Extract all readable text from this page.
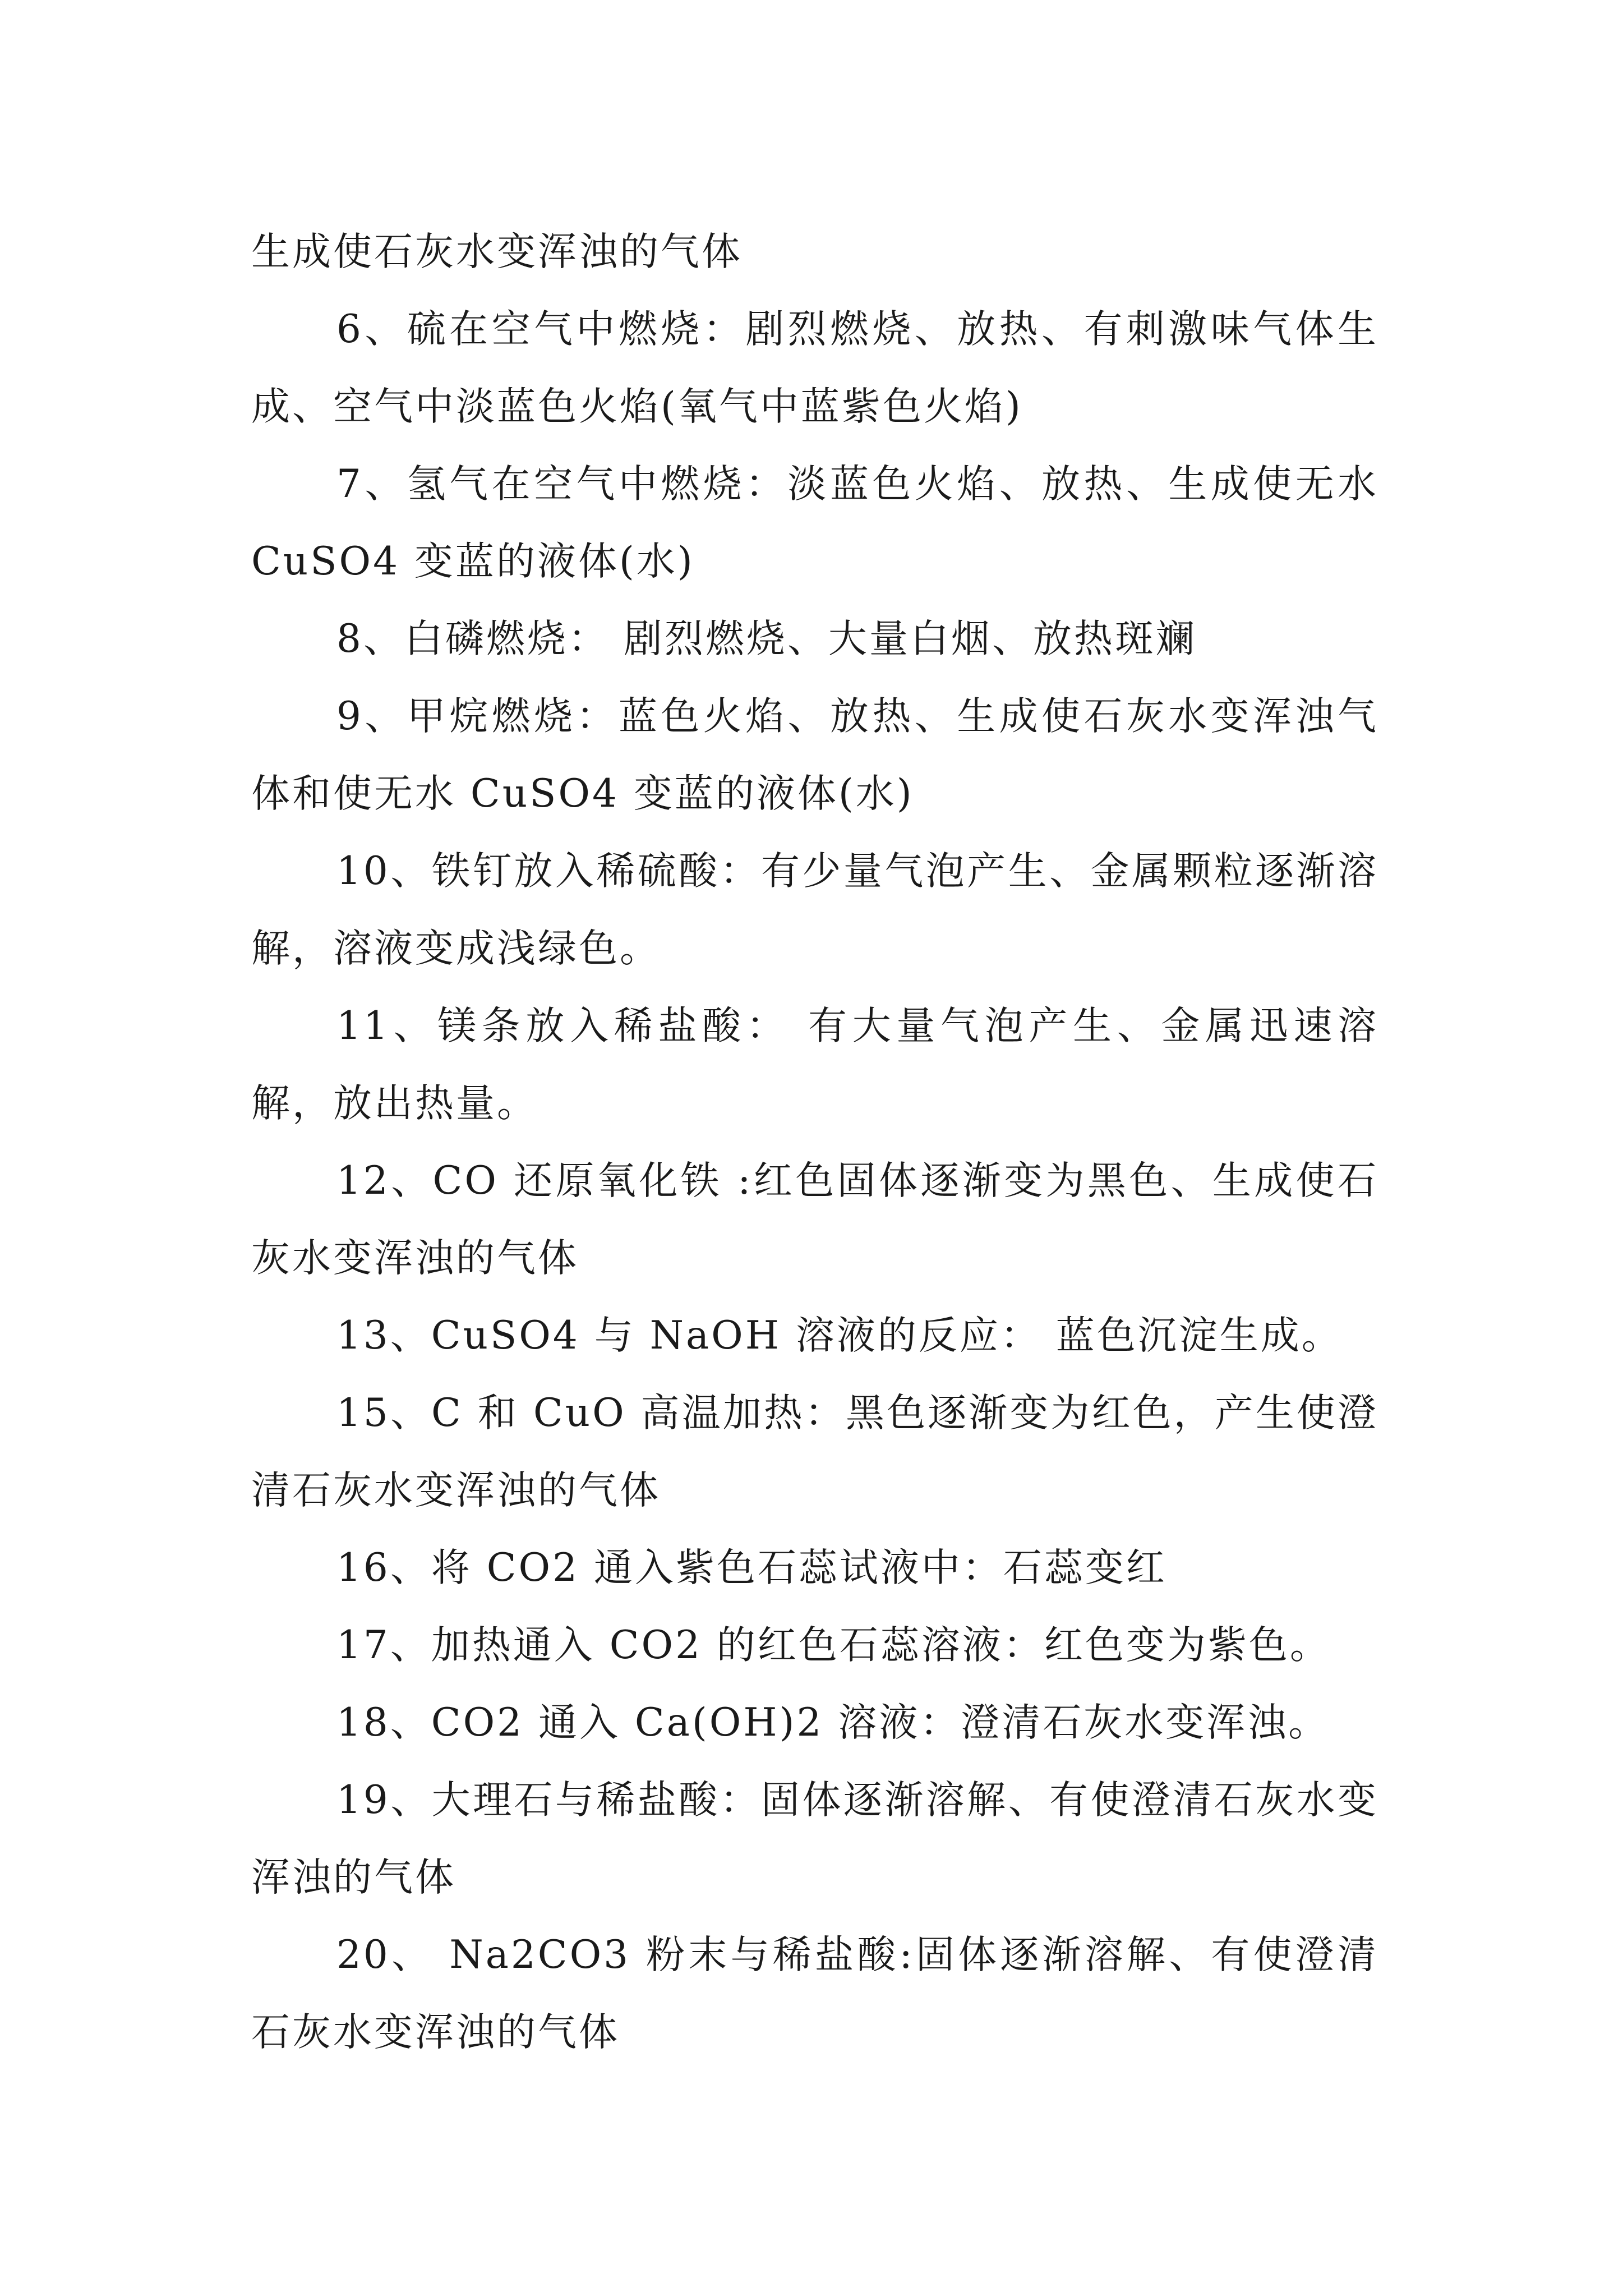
生成使石灰水变浑浊的气体

6、硫在空气中燃烧：剧烈燃烧、放热、有刺激味气体生成、空气中淡蓝色火焰(氧气中蓝紫色火焰)

7、氢气在空气中燃烧：淡蓝色火焰、放热、生成使无水 CuSO4 变蓝的液体(水)

8、白磷燃烧： 剧烈燃烧、大量白烟、放热斑斓

9、甲烷燃烧：蓝色火焰、放热、生成使石灰水变浑浊气体和使无水 CuSO4 变蓝的液体(水)

10、铁钉放入稀硫酸：有少量气泡产生、金属颗粒逐渐溶解，溶液变成浅绿色。

11、镁条放入稀盐酸： 有大量气泡产生、金属迅速溶解，放出热量。

12、CO 还原氧化铁 :红色固体逐渐变为黑色、生成使石灰水变浑浊的气体

13、CuSO4 与 NaOH 溶液的反应： 蓝色沉淀生成。

15、C 和 CuO 高温加热：黑色逐渐变为红色，产生使澄清石灰水变浑浊的气体

16、将 CO2 通入紫色石蕊试液中：石蕊变红

17、加热通入 CO2 的红色石蕊溶液：红色变为紫色。

18、CO2 通入 Ca(OH)2 溶液：澄清石灰水变浑浊。

19、大理石与稀盐酸：固体逐渐溶解、有使澄清石灰水变浑浊的气体

20、 Na2CO3 粉末与稀盐酸:固体逐渐溶解、有使澄清石灰水变浑浊的气体
